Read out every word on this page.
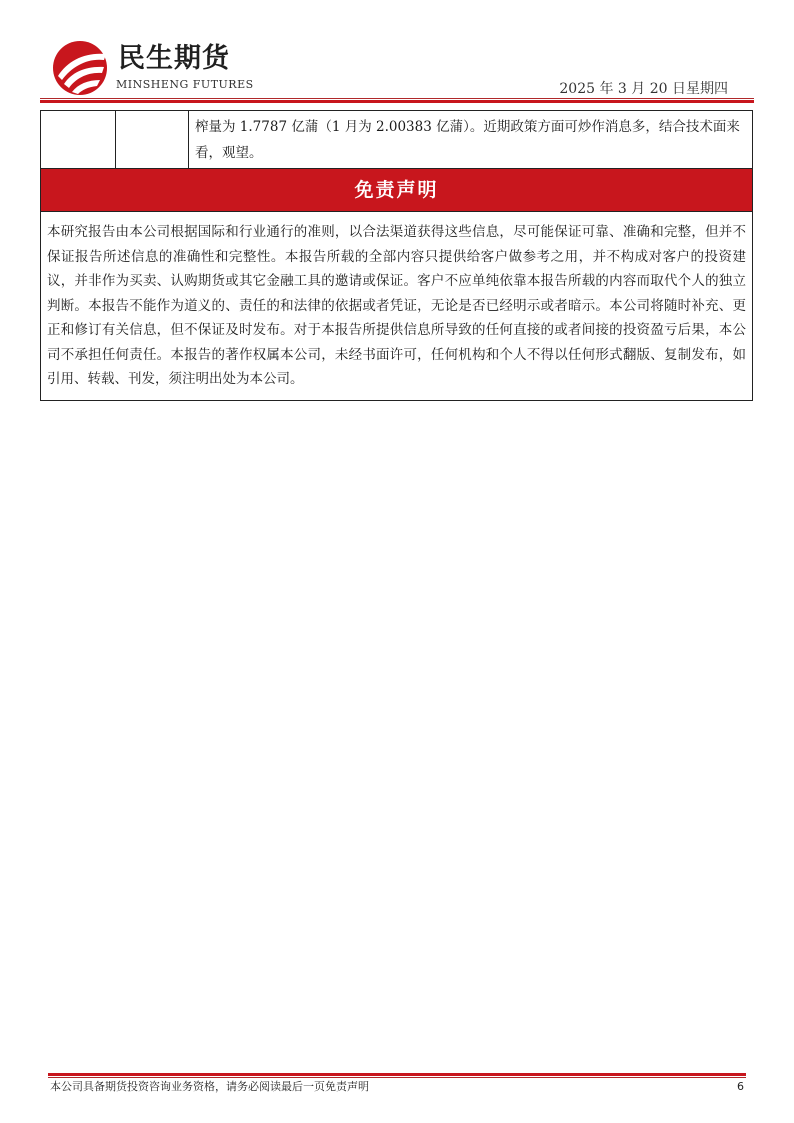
民生期货
MINSHENG FUTURES	2025 年 3 月 20 日星期四
榨量为 1.7787 亿蒲（1 月为 2.00383 亿蒲）。近期政策方面可炒作消息多，结合技术面来看，观望。
免责声明
本研究报告由本公司根据国际和行业通行的准则，以合法渠道获得这些信息，尽可能保证可靠、准确和完整，但并不保证报告所述信息的准确性和完整性。本报告所载的全部内容只提供给客户做参考之用，并不构成对客户的投资建议，并非作为买卖、认购期货或其它金融工具的邀请或保证。客户不应单纯依靠本报告所载的内容而取代个人的独立判断。本报告不能作为道义的、责任的和法律的依据或者凭证，无论是否已经明示或者暗示。本公司将随时补充、更正和修订有关信息，但不保证及时发布。对于本报告所提供信息所导致的任何直接的或者间接的投资盈亏后果，本公司不承担任何责任。本报告的著作权属本公司，未经书面许可，任何机构和个人不得以任何形式翻版、复制发布，如引用、转载、刊发，须注明出处为本公司。
本公司具备期货投资咨询业务资格，请务必阅读最后一页免责声明	6
